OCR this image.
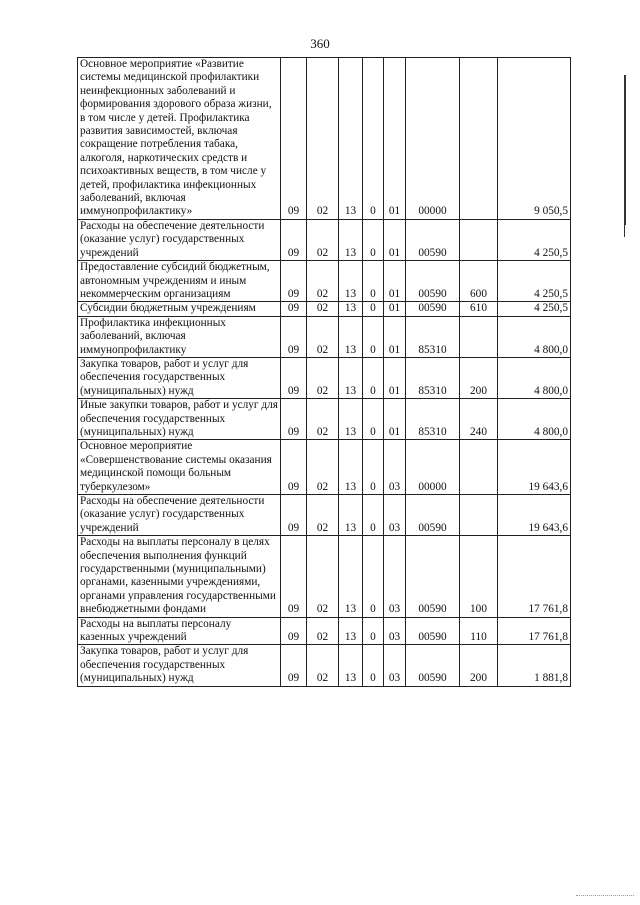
360
Основное мероприятие «Развитие системы медицинской профилактики неинфекционных заболеваний и формирования здорового образа жизни, в том числе у детей. Профилактика развития зависимостей, включая сокращение потребления табака, алкоголя, наркотических средств и психоактивных веществ, в том числе у детей, профилактика инфекционных заболеваний, включая иммунопрофилактику»	09	02	13	0	01	00000		9 050,5
Расходы на обеспечение деятельности (оказание услуг) государственных учреждений	09	02	13	0	01	00590		4 250,5
Предоставление субсидий бюджетным, автономным учреждениям и иным некоммерческим организациям	09	02	13	0	01	00590	600	4 250,5
Субсидии бюджетным учреждениям	09	02	13	0	01	00590	610	4 250,5
Профилактика инфекционных заболеваний, включая иммунопрофилактику	09	02	13	0	01	85310		4 800,0
Закупка товаров, работ и услуг для обеспечения государственных (муниципальных) нужд	09	02	13	0	01	85310	200	4 800,0
Иные закупки товаров, работ и услуг для обеспечения государственных (муниципальных) нужд	09	02	13	0	01	85310	240	4 800,0
Основное мероприятие «Совершенствование системы оказания медицинской помощи больным туберкулезом»	09	02	13	0	03	00000		19 643,6
Расходы на обеспечение деятельности (оказание услуг) государственных учреждений	09	02	13	0	03	00590		19 643,6
Расходы на выплаты персоналу в целях обеспечения выполнения функций государственными (муниципальными) органами, казенными учреждениями, органами управления государственными внебюджетными фондами	09	02	13	0	03	00590	100	17 761,8
Расходы на выплаты персоналу казенных учреждений	09	02	13	0	03	00590	110	17 761,8
Закупка товаров, работ и услуг для обеспечения государственных (муниципальных) нужд	09	02	13	0	03	00590	200	1 881,8
